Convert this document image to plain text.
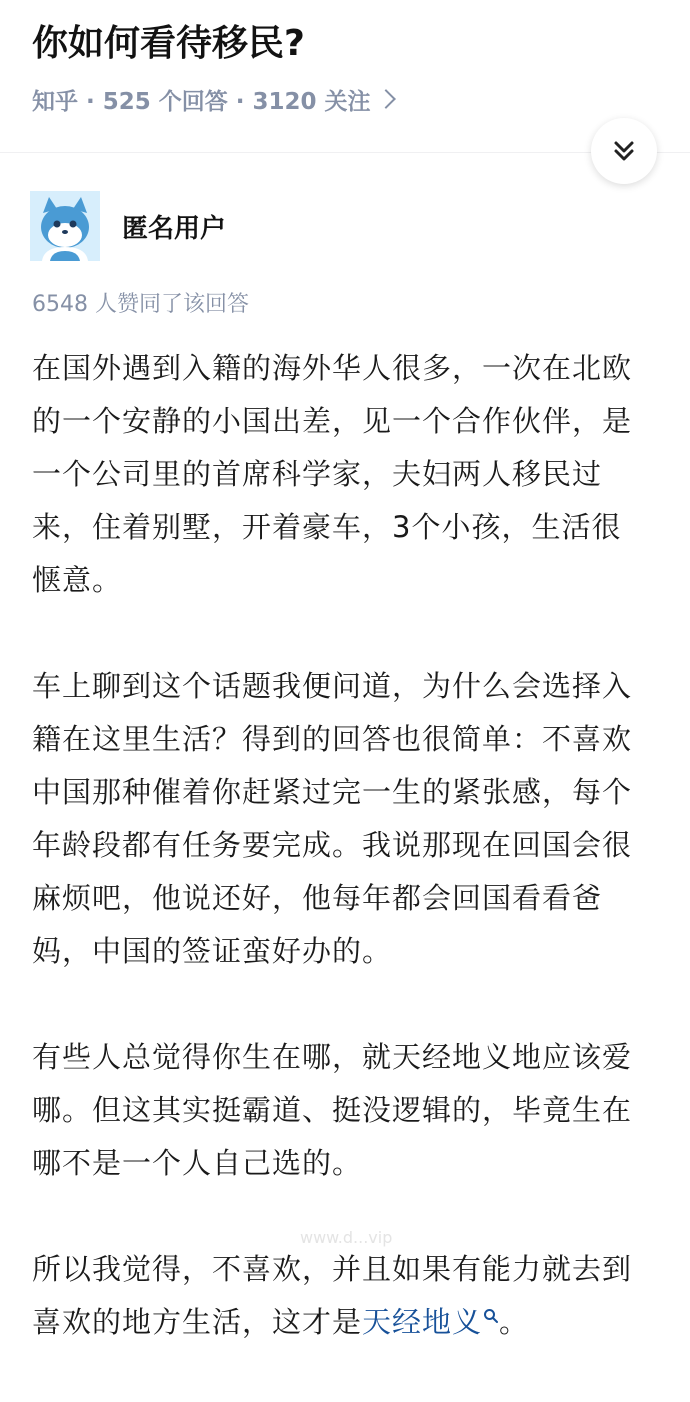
你如何看待移民?
知乎 · 525 个回答 · 3120 关注
匿名用户
6548 人赞同了该回答
在国外遇到入籍的海外华人很多，一次在北欧
的一个安静的小国出差，见一个合作伙伴，是
一个公司里的首席科学家，夫妇两人移民过
来，住着别墅，开着豪车，3个小孩，生活很
惬意。
车上聊到这个话题我便问道，为什么会选择入
籍在这里生活？得到的回答也很简单：不喜欢
中国那种催着你赶紧过完一生的紧张感，每个
年龄段都有任务要完成。我说那现在回国会很
麻烦吧，他说还好，他每年都会回国看看爸
妈，中国的签证蛮好办的。
有些人总觉得你生在哪，就天经地义地应该爱
哪。但这其实挺霸道、挺没逻辑的，毕竟生在
哪不是一个人自己选的。
所以我觉得，不喜欢，并且如果有能力就去到
喜欢的地方生活，这才是天经地义 。
www.d...vip
